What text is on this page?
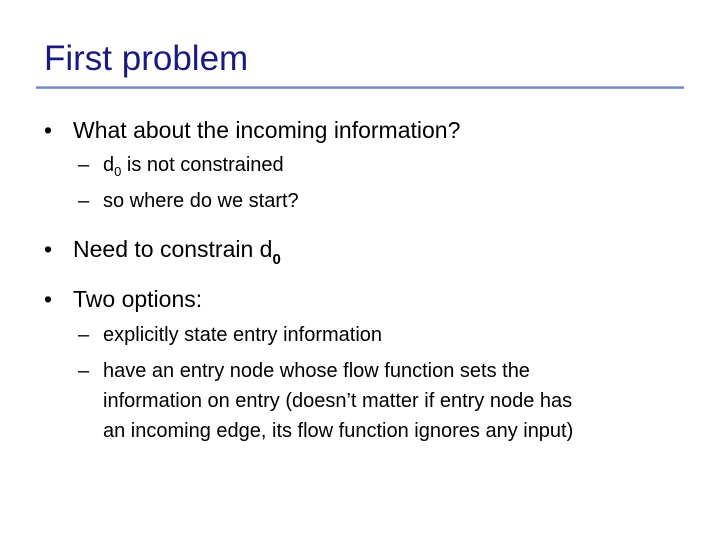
First problem
• What about the incoming information?
– $d_0$ is not constrained
– so where do we start?
• Need to constrain $d_0$
• Two options:
– explicitly state entry information
– have an entry node whose flow function sets the
information on entry (doesn’t matter if entry node has
an incoming edge, its flow function ignores any input)
